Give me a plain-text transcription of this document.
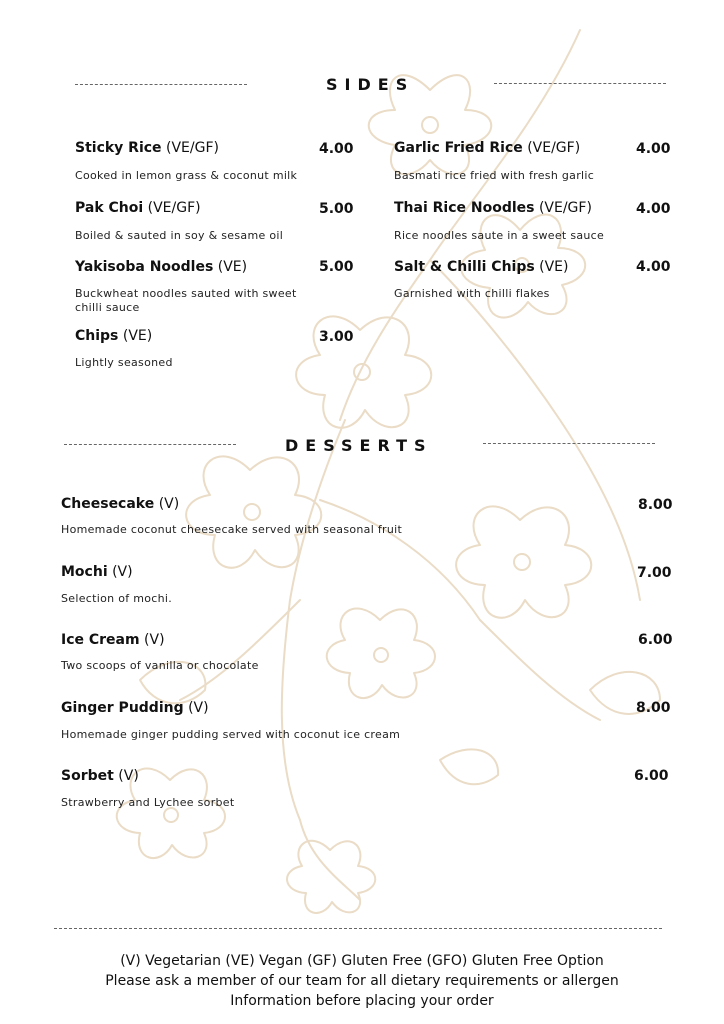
SIDES
Sticky Rice (VE/GF)	4.00
Cooked in lemon grass & coconut milk
Pak Choi (VE/GF)	5.00
Boiled & sauted in soy & sesame oil
Yakisoba Noodles (VE)	5.00
Buckwheat noodles sauted with sweet chilli sauce
Chips (VE)	3.00
Lightly seasoned
Garlic Fried Rice (VE/GF)	4.00
Basmati rice fried with fresh garlic
Thai Rice Noodles (VE/GF)	4.00
Rice noodles saute in a sweet sauce
Salt & Chilli Chips (VE)	4.00
Garnished with chilli flakes
DESSERTS
Cheesecake (V)	8.00
Homemade coconut cheesecake served with seasonal fruit
Mochi (V)	7.00
Selection of mochi.
Ice Cream (V)	6.00
Two scoops of vanilla or chocolate
Ginger Pudding (V)	8.00
Homemade ginger pudding served with coconut ice cream
Sorbet (V)	6.00
Strawberry and Lychee sorbet
(V) Vegetarian (VE) Vegan (GF) Gluten Free (GFO) Gluten Free Option
Please ask a member of our team for all dietary requirements or allergen
Information before placing your order
